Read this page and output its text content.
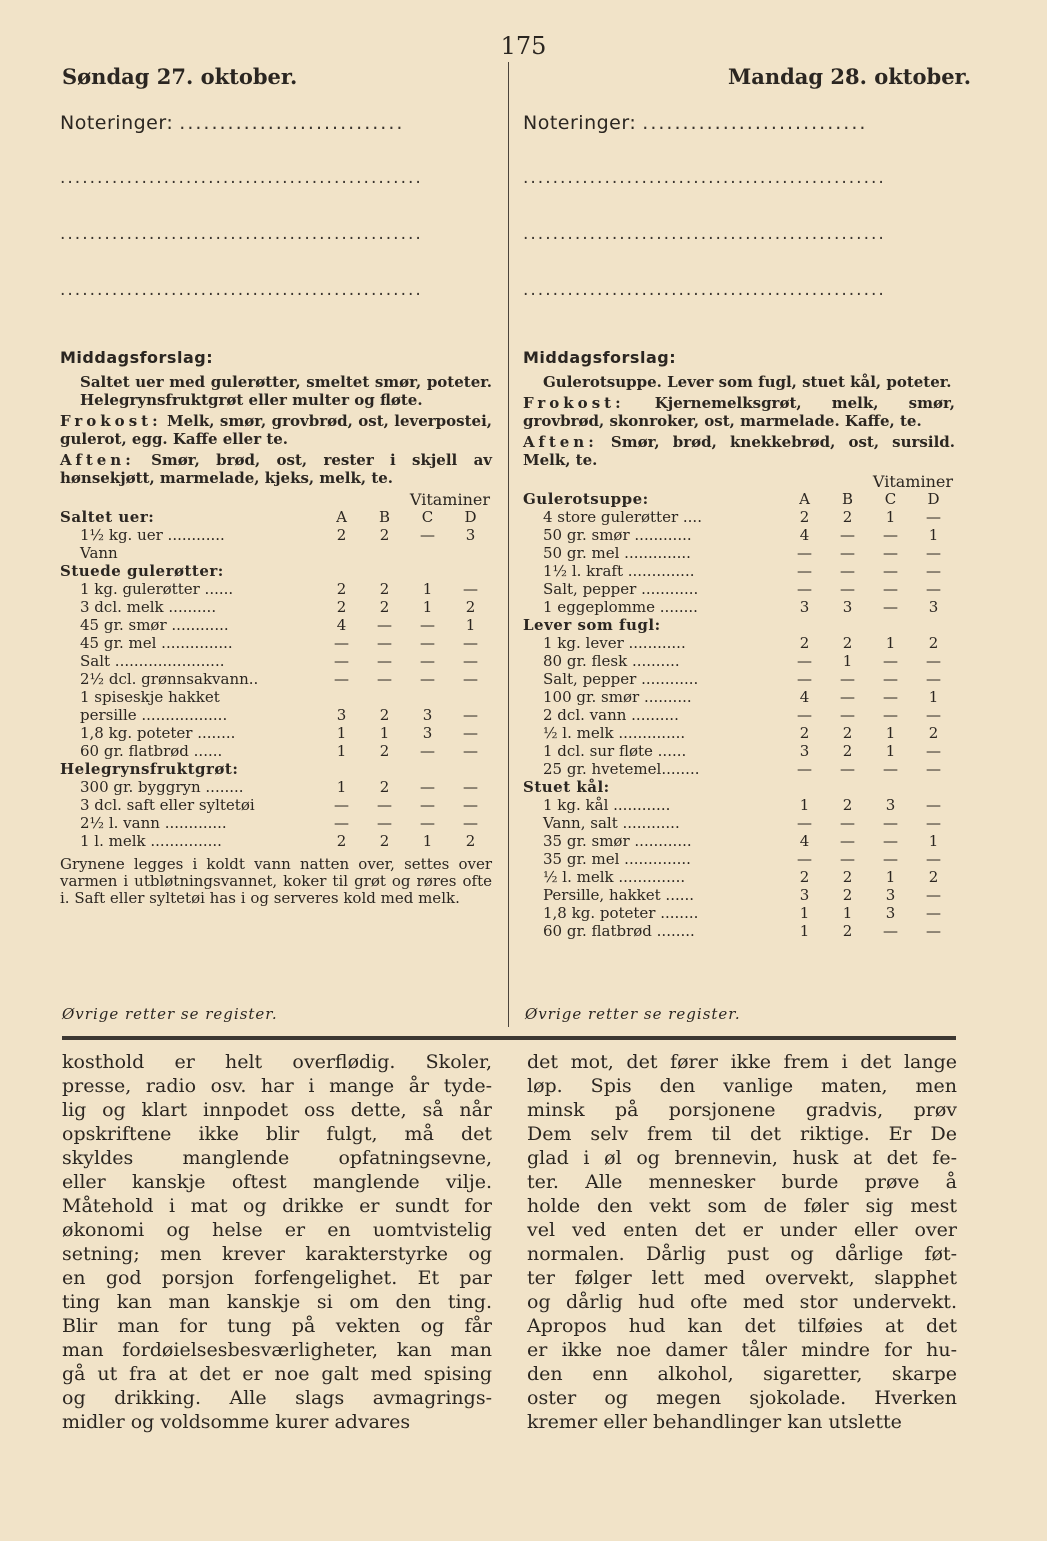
175
Søndag 27. oktober.	Mandag 28. oktober.
Noteringer: ............................
.................................................
.................................................
.................................................
Middagsforslag:

Saltet uer med gulerøtter, smeltet smør, poteter. Helegrynsfruktgrøt eller multer og fløte.

Frokost: Melk, smør, grovbrød, ost, leverpostei, gulerot, egg. Kaffe eller te.

Aften: Smør, brød, ost, rester i skjell av hønsekjøtt, marmelade, kjeks, melk, te.

Vitaminer
Saltet uer:	A	B	C	D
1½ kg. uer ............	2	2	—	3
Vann
Stuede gulerøtter:
1 kg. gulerøtter ......	2	2	1	—
3 dcl. melk ..........	2	2	1	2
45 gr. smør ............	4	—	—	1
45 gr. mel ...............	—	—	—	—
Salt .......................	—	—	—	—
2½ dcl. grønnsakvann..	—	—	—	—
1 spiseskje hakket
persille ..................	3	2	3	—
1,8 kg. poteter ........	1	1	3	—
60 gr. flatbrød ......	1	2	—	—
Helegrynsfruktgrøt:
300 gr. byggryn ........	1	2	—	—
3 dcl. saft eller syltetøi	—	—	—	—
2½ l. vann .............	—	—	—	—
1 l. melk ...............	2	2	1	2
Grynene legges i koldt vann natten over, settes over varmen i utbløtningsvannet, koker til grøt og røres ofte i. Saft eller syltetøi has i og serveres kold med melk.
Noteringer: ............................
.................................................
.................................................
.................................................
Middagsforslag:

Gulerotsuppe. Lever som fugl, stuet kål, poteter.

Frokost: Kjernemelksgrøt, melk, smør, grovbrød, skonroker, ost, marmelade. Kaffe, te.

Aften: Smør, brød, knekkebrød, ost, sursild. Melk, te.

Vitaminer
Gulerotsuppe:	A	B	C	D
4 store gulerøtter ....	2	2	1	—
50 gr. smør ............	4	—	—	1
50 gr. mel ..............	—	—	—	—
1½ l. kraft ..............	—	—	—	—
Salt, pepper ............	—	—	—	—
1 eggeplomme ........	3	3	—	3
Lever som fugl:
1 kg. lever ............	2	2	1	2
80 gr. flesk ..........	—	1	—	—
Salt, pepper ............	—	—	—	—
100 gr. smør ..........	4	—	—	1
2 dcl. vann ..........	—	—	—	—
½ l. melk ..............	2	2	1	2
1 dcl. sur fløte ......	3	2	1	—
25 gr. hvetemel........	—	—	—	—
Stuet kål:
1 kg. kål ............	1	2	3	—
Vann, salt ............	—	—	—	—
35 gr. smør ............	4	—	—	1
35 gr. mel ..............	—	—	—	—
½ l. melk ..............	2	2	1	2
Persille, hakket ......	3	2	3	—
1,8 kg. poteter ........	1	1	3	—
60 gr. flatbrød ........	1	2	—	—
Øvrige retter se register.	Øvrige retter se register.
kosthold er helt overflødig. Skoler,
presse, radio osv. har i mange år tyde-
lig og klart innpodet oss dette, så når
opskriftene ikke blir fulgt, må det
skyldes manglende opfatningsevne,
eller kanskje oftest manglende vilje.
Måtehold i mat og drikke er sundt for
økonomi og helse er en uomtvistelig
setning; men krever karakterstyrke og
en god porsjon forfengelighet. Et par
ting kan man kanskje si om den ting.
Blir man for tung på vekten og får
man fordøielsesbesværligheter, kan man
gå ut fra at det er noe galt med spising
og drikking. Alle slags avmagrings-
midler og voldsomme kurer advares
det mot, det fører ikke frem i det lange
løp. Spis den vanlige maten, men
minsk på porsjonene gradvis, prøv
Dem selv frem til det riktige. Er De
glad i øl og brennevin, husk at det fe-
ter. Alle mennesker burde prøve å
holde den vekt som de føler sig mest
vel ved enten det er under eller over
normalen. Dårlig pust og dårlige føt-
ter følger lett med overvekt, slapphet
og dårlig hud ofte med stor undervekt.
Apropos hud kan det tilføies at det
er ikke noe damer tåler mindre for hu-
den enn alkohol, sigaretter, skarpe
oster og megen sjokolade. Hverken
kremer eller behandlinger kan utslette
